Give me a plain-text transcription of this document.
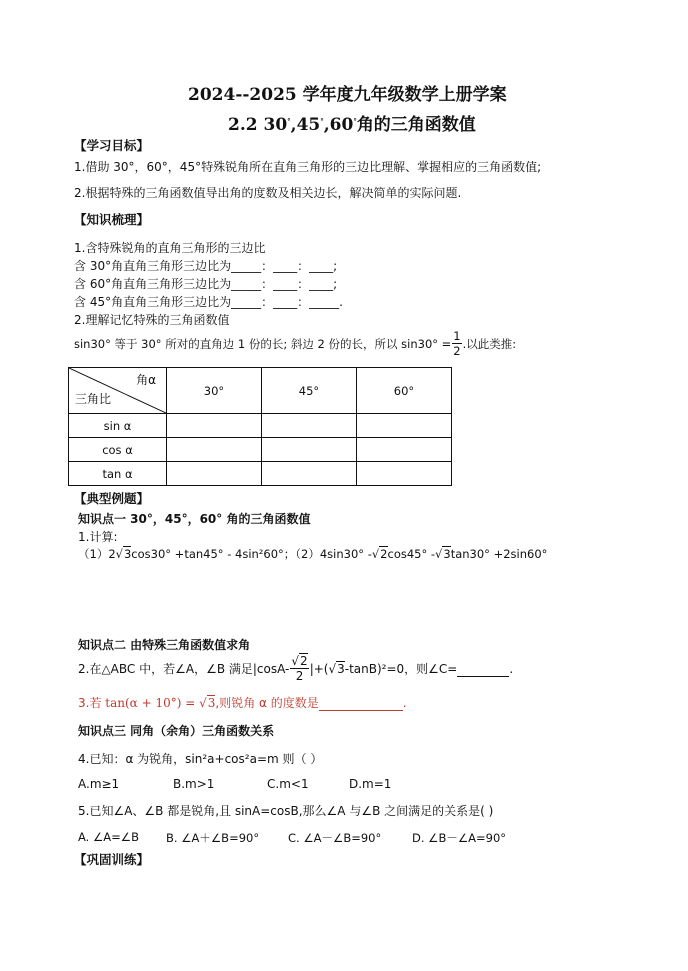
2024--2025 学年度九年级数学上册学案
2.2 30°,45°,60°角的三角函数值
【学习目标】
1.借助 30°，60°，45°特殊锐角所在直角三角形的三边比理解、掌握相应的三角函数值;
2.根据特殊的三角函数值导出角的度数及相关边长，解决简单的实际问题.
【知识梳理】
1.含特殊锐角的直角三角形的三边比
含 30°角直角三角形三边比为_____：____：____;
含 60°角直角三角形三边比为_____：____：____;
含 45°角直角三角形三边比为_____：____：_____.
2.理解记忆特殊的三角函数值
sin30° 等于 30° 所对的直角边 1 份的长; 斜边 2 份的长，所以 $\sin 30^\circ = \frac{1}{2}$ .以此类推:
角α
三角比	30°	45°	60°
sin α			
cos α			
tan α			
【典型例题】
知识点一 30°，45°，60° 角的三角函数值
1.计算:
（1）2√3cos30° +tan45° - 4sin²60°；（2）4sin30° -√2cos45° -√3tan30° +2sin60°
知识点二 由特殊三角函数值求角
2.在△ABC 中，若∠A，∠B 满足$|\cos A- \frac{√2}{2} |+(√3-\tan B)^2=0$，则∠C=	.
3.若 tan(α + 10°) = √3,则锐角 α 的度数是	.
知识点三 同角（余角）三角函数关系
4.已知：α 为锐角，sin²a+cos²a=m 则（ ）
A.m≥1	B.m>1	C.m<1	D.m=1
5.已知∠A、∠B 都是锐角,且 sinA=cosB,那么∠A 与∠B 之间满足的关系是( )
A. ∠A=∠B B. ∠A＋∠B=90°	C. ∠A－∠B=90°	D. ∠B－∠A=90°
【巩固训练】
